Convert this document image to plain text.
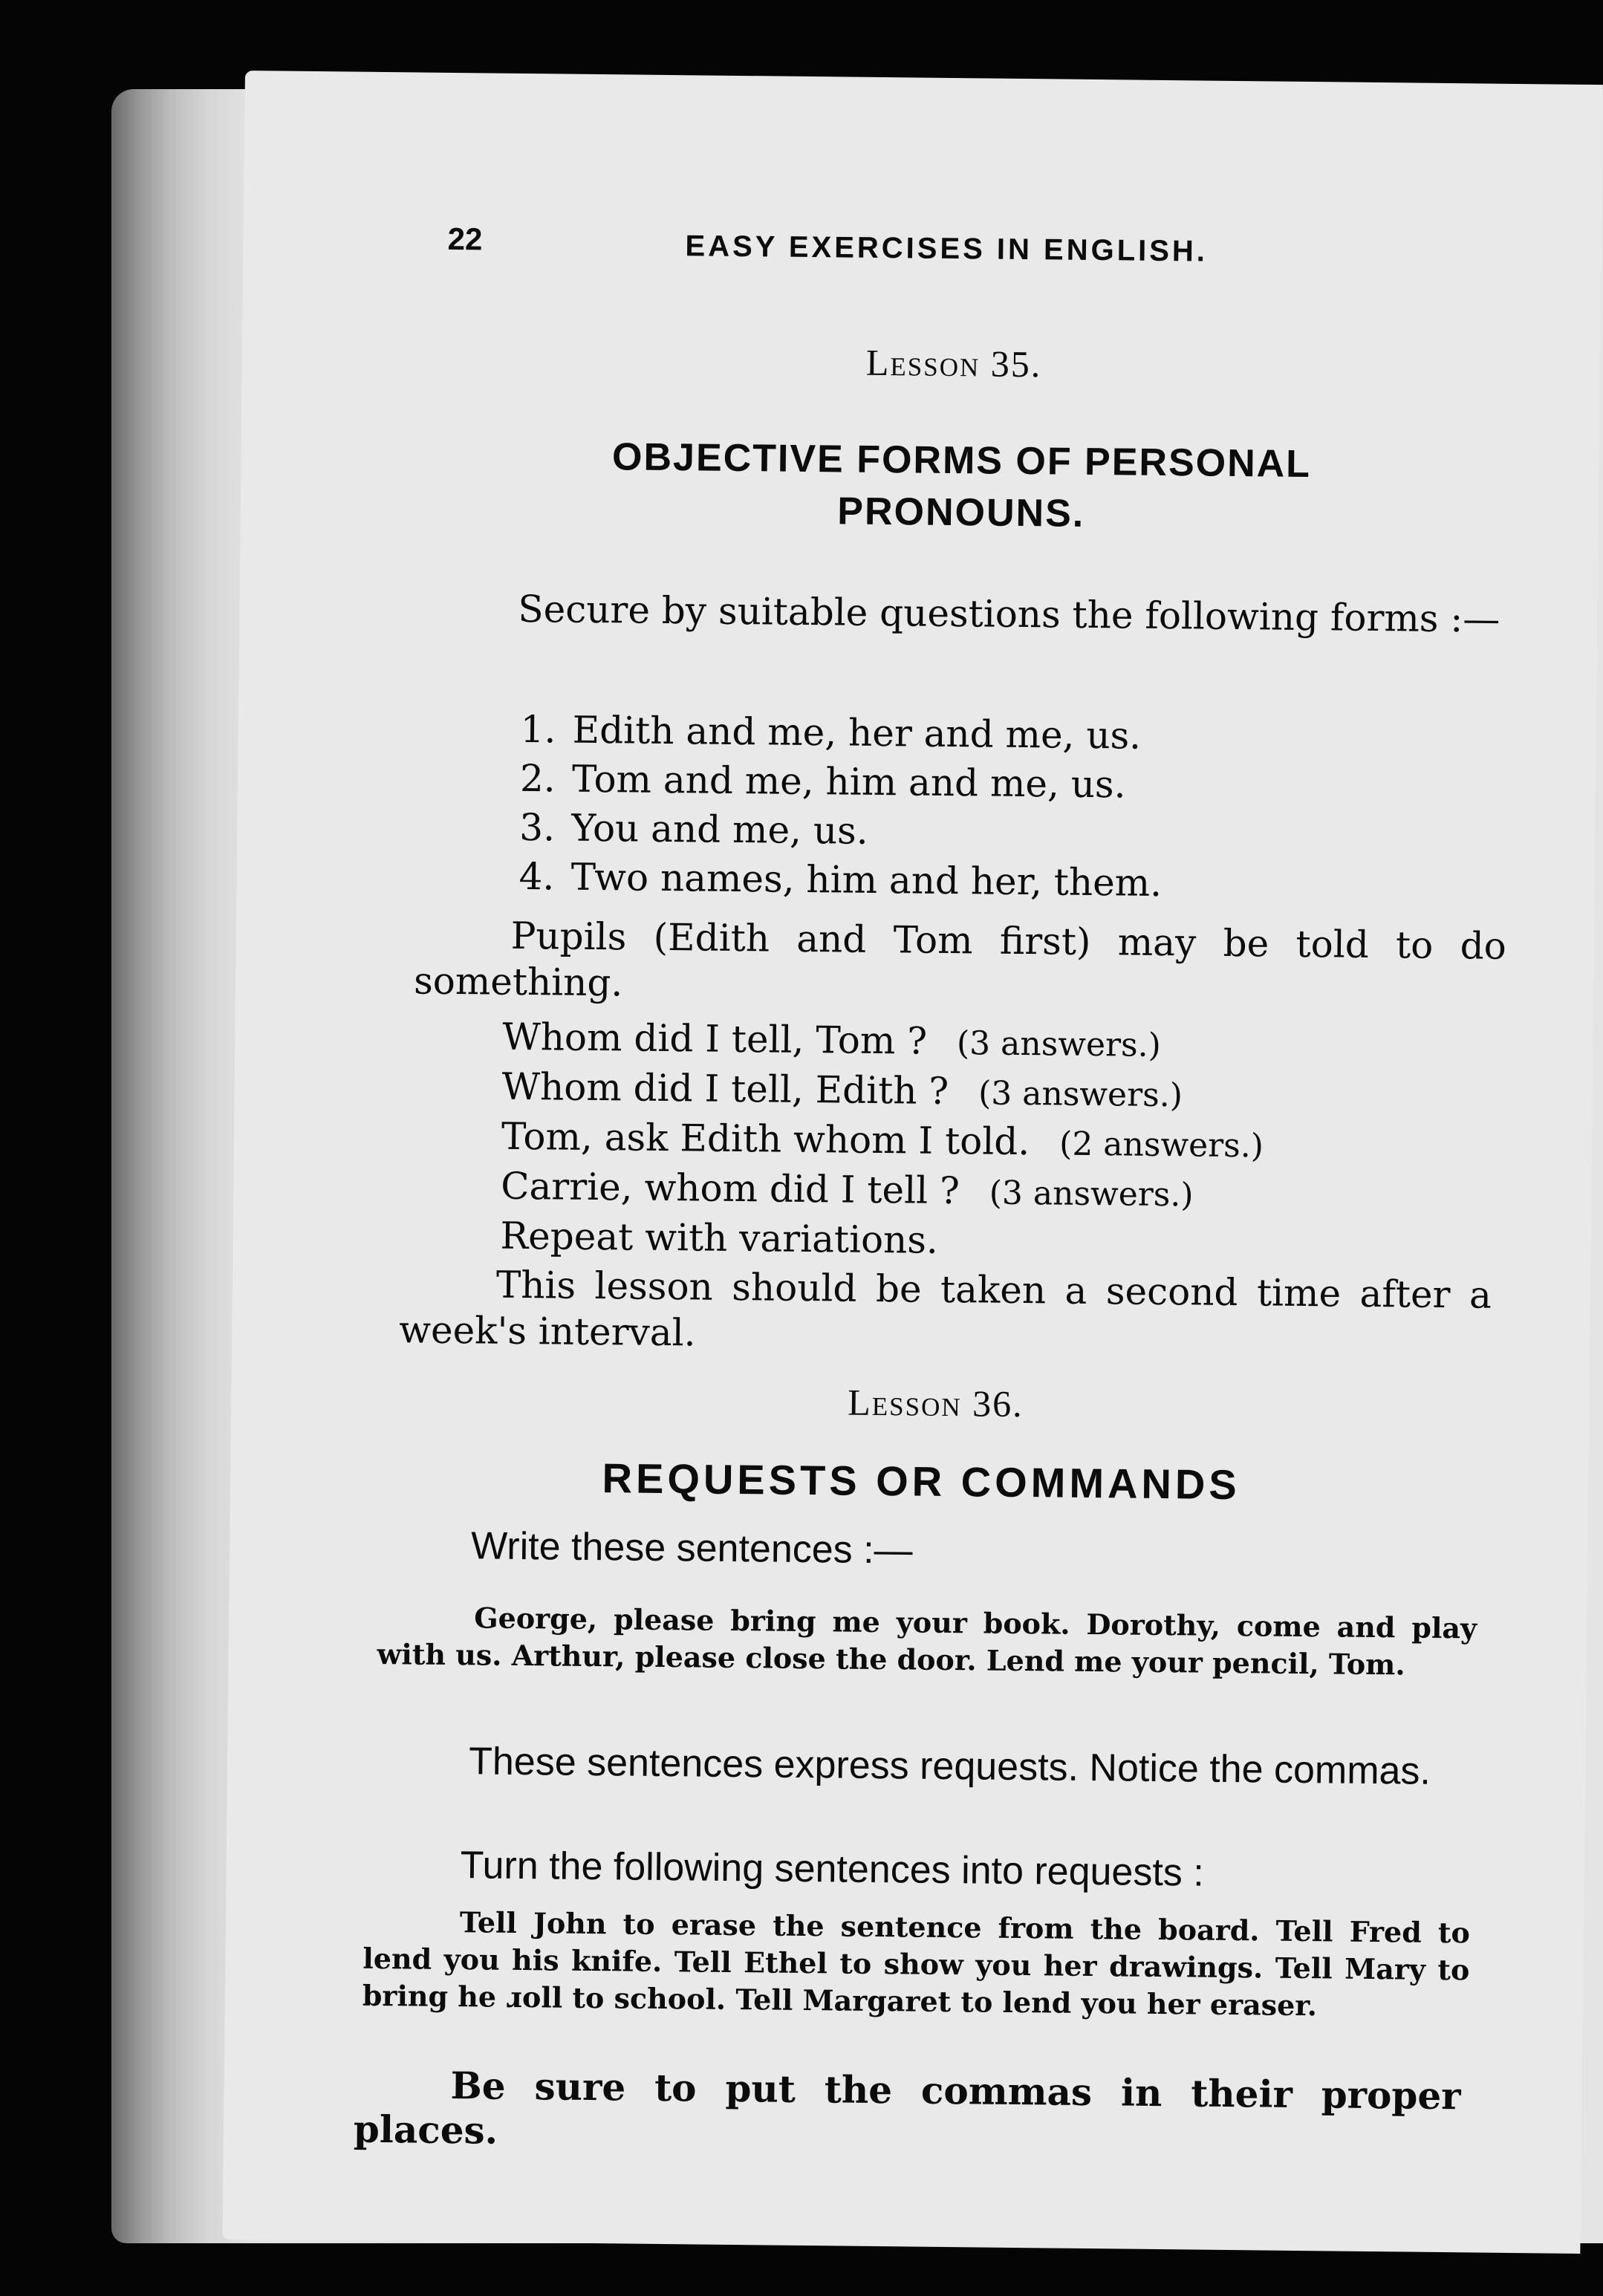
22	EASY EXERCISES IN ENGLISH.
Lesson 35.
OBJECTIVE FORMS OF PERSONAL
PRONOUNS.
Secure by suitable questions the following forms :—
1. Edith and me, her and me, us.
2. Tom and me, him and me, us.
3. You and me, us.
4. Two names, him and her, them.
Pupils (Edith and Tom first) may be told to do something.
Whom did I tell, Tom ? (3 answers.)
Whom did I tell, Edith ? (3 answers.)
Tom, ask Edith whom I told. (2 answers.)
Carrie, whom did I tell ? (3 answers.)
Repeat with variations.
This lesson should be taken a second time after a week's interval.
Lesson 36.
REQUESTS OR COMMANDS
Write these sentences :—
George, please bring me your book. Dorothy, come and play with us. Arthur, please close the door. Lend me your pencil, Tom.
These sentences express requests. Notice the commas.
Turn the following sentences into requests :
Tell John to erase the sentence from the board. Tell Fred to lend you his knife. Tell Ethel to show you her drawings. Tell Mary to bring he ɹoll to school. Tell Margaret to lend you her eraser.
Be sure to put the commas in their proper places.
